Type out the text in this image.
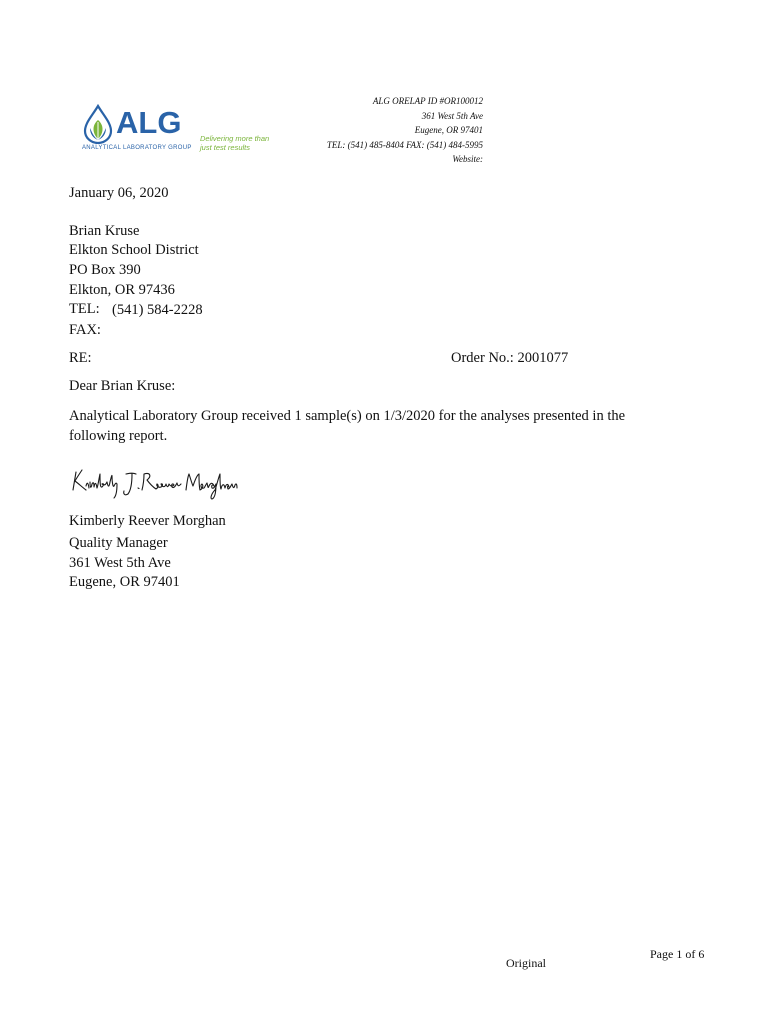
ALG
ANALYTICAL LABORATORY GROUP
Delivering more than just test results
ALG ORELAP ID #OR100012
361 West 5th Ave
Eugene, OR 97401
TEL: (541) 485-8404 FAX: (541) 484-5995
Website:
January 06, 2020
Brian Kruse
Elkton School District
PO Box 390
Elkton, OR 97436
TEL: (541) 584-2228
FAX:
RE:	Order No.: 2001077
Dear Brian Kruse:
Analytical Laboratory Group received 1 sample(s) on 1/3/2020 for the analyses presented in the
following report.
Kimberly Reever Morghan
Quality Manager
361 West 5th Ave
Eugene, OR 97401
Original
Page 1 of 6
